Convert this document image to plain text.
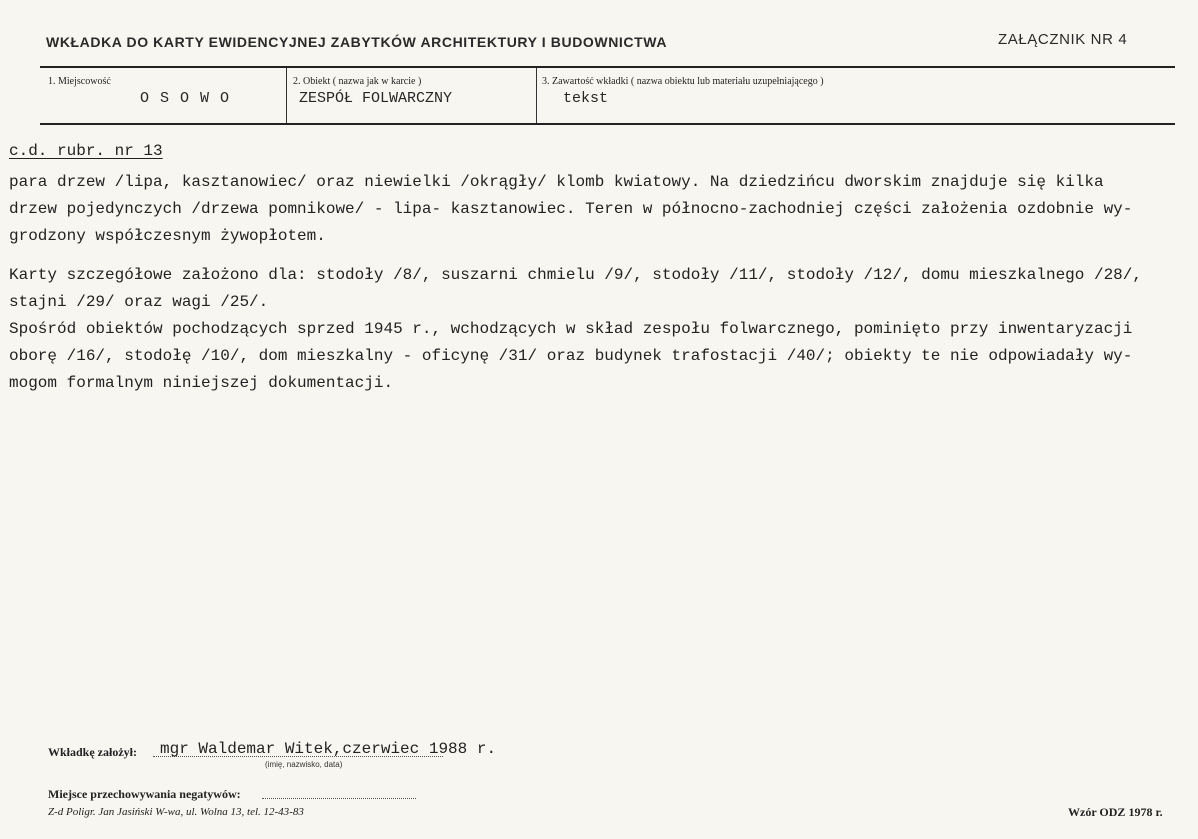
WKŁADKA DO KARTY EWIDENCYJNEJ ZABYTKÓW ARCHITEKTURY I BUDOWNICTWA	ZAŁĄCZNIK NR 4
1. Miejscowość
O S O W O
2. Obiekt ( nazwa jak w karcie )
ZESPÓŁ FOLWARCZNY
3. Zawartość wkładki ( nazwa obiektu lub materiału uzupełniającego )
tekst
c.d. rubr. nr 13
para drzew /lipa, kasztanowiec/ oraz niewielki /okrągły/ klomb kwiatowy. Na dziedzińcu dworskim znajduje się kilka
drzew pojedynczych /drzewa pomnikowe/ - lipa- kasztanowiec. Teren w północno-zachodniej części założenia ozdobnie wy-
grodzony współczesnym żywopłotem.
Karty szczegółowe założono dla: stodoły /8/, suszarni chmielu /9/, stodoły /11/, stodoły /12/, domu mieszkalnego /28/,
stajni /29/ oraz wagi /25/.
Spośród obiektów pochodzących sprzed 1945 r., wchodzących w skład zespołu folwarcznego, pominięto przy inwentaryzacji
oborę /16/, stodołę /10/, dom mieszkalny - oficynę /31/ oraz budynek trafostacji /40/; obiekty te nie odpowiadały wy-
mogom formalnym niniejszej dokumentacji.
Wkładkę założył: mgr Waldemar Witek,czerwiec 1988 r.
(imię, nazwisko, data)
Miejsce przechowywania negatywów:
Z-d Poligr. Jan Jasiński W-wa, ul. Wolna 13, tel. 12-43-83	Wzór ODZ 1978 r.
